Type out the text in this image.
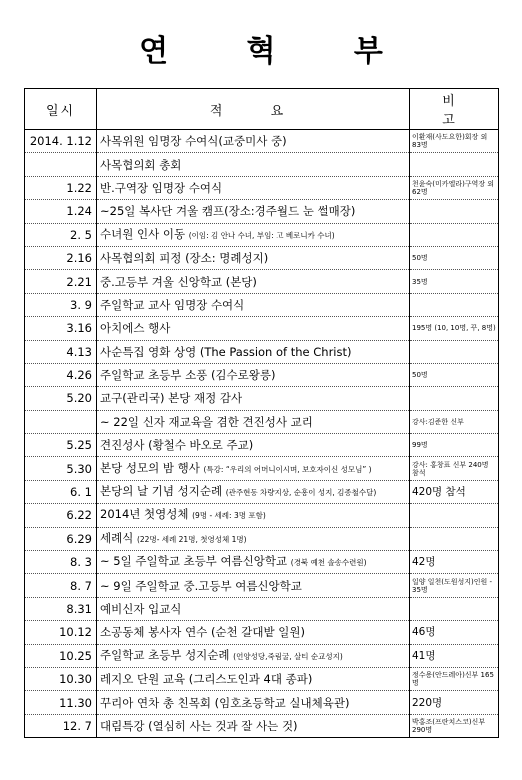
연 혁 부
일시	적 요	비 고
2014. 1.12	사목위원 임명장 수여식(교중미사 중)	이환재(사도요한)회장 외 83명
	사목협의회 총회	
1.22	반.구역장 임명장 수여식	천윤숙(미카엘라)구역장 외 62명
1.24	~25일 복사단 겨울 캠프(장소:경주월드 눈 썰매장)	
2. 5	수녀원 인사 이동 (이임: 김 안나 수녀, 부임: 고 베로니카 수녀)	
2.16	사목협의회 피정 (장소: 명례성지)	50명
2.21	중.고등부 겨울 신앙학교 (본당)	35명
3. 9	주일학교 교사 임명장 수여식	
3.16	아치에스 행사	195명 (10, 10명, 꾸, 8명)
4.13	사순특집 영화 상영 (The Passion of the Christ)	
4.26	주일학교 초등부 소풍 (김수로왕릉)	50명
5.20	교구(관리국) 본당 재정 감사	
	~ 22일 신자 재교육을 겸한 견진성사 교리	강사:김준한 신부
5.25	견진성사 (황철수 바오로 주교)	99명
5.30	본당 성모의 밤 행사 (특강: “우리의 어머니이시며, 보호자이신 성모님” )	강사: 홍창표 신부 240명 참석
6. 1	본당의 날 기념 성지순례 (관주현동 차량지상, 순흥이 성지, 김종철수달)	420명 참석
6.22	2014년 첫영성체 (9명 - 세례: 3명 포함)	
6.29	세례식 (22명- 세례 21명, 첫영성체 1명)	
8. 3	~ 5일 주일학교 초등부 여름신앙학교 (경북 예천 솔송수련원)	42명
8. 7	~ 9일 주일학교 중.고등부 여름신앙학교	일양 일천(도원성지)인원 - 35명
8.31	예비신자 입교식	
10.12	소공동체 봉사자 연수 (순천 갈대밭 일원)	46명
10.25	주일학교 초등부 성지순례 (언양성당,죽림굴, 살티 순교성지)	41명
10.30	레지오 단원 교육 (그리스도인과 4대 종파)	정수용(안드레아)신부 165명
11.30	꾸리아 연차 총 친목회 (임호초등학교 실내체육관)	220명
12. 7	대림특강 (열심히 사는 것과 잘 사는 것)	박홍조(프란치스코)신부 290명
